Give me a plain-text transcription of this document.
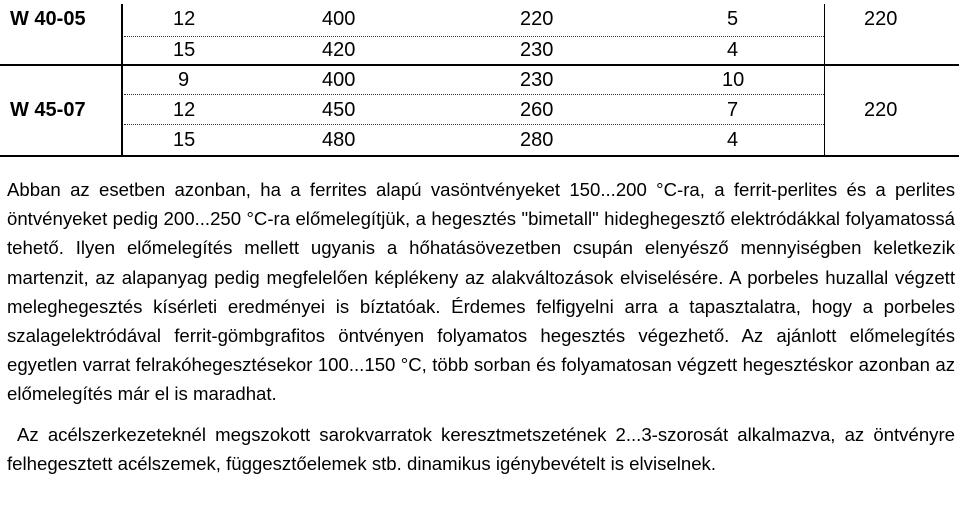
W 40-05	12	400	220	5	220
15	420	230	4
9	400	230	10
W 45-07	12	450	260	7	220
15	480	280	4

Abban az esetben azonban, ha a ferrites alapú vasöntvényeket 150...200 °C-ra, a ferrit-perlites és a perlites öntvényeket pedig 200...250 °C-ra előmelegítjük, a hegesztés "bimetall" hideghegesztő elektródákkal folyamatossá tehető. Ilyen előmelegítés mellett ugyanis a hőhatásövezetben csupán elenyésző mennyiségben keletkezik martenzit, az alapanyag pedig megfelelően képlékeny az alakváltozások elviselésére. A porbeles huzallal végzett meleghegesztés kísérleti eredményei is bíztatóak. Érdemes felfigyelni arra a tapasztalatra, hogy a porbeles szalagelektródával ferrit-gömbgrafitos öntvényen folyamatos hegesztés végezhető. Az ajánlott előmelegítés egyetlen varrat felrakóhegesztésekor 100...150 °C, több sorban és folyamatosan végzett hegesztéskor azonban az előmelegítés már el is maradhat.

Az acélszerkezeteknél megszokott sarokvarratok keresztmetszetének 2...3-szorosát alkalmazva, az öntvényre felhegesztett acélszemek, függesztőelemek stb. dinamikus igénybevételt is elviselnek.
